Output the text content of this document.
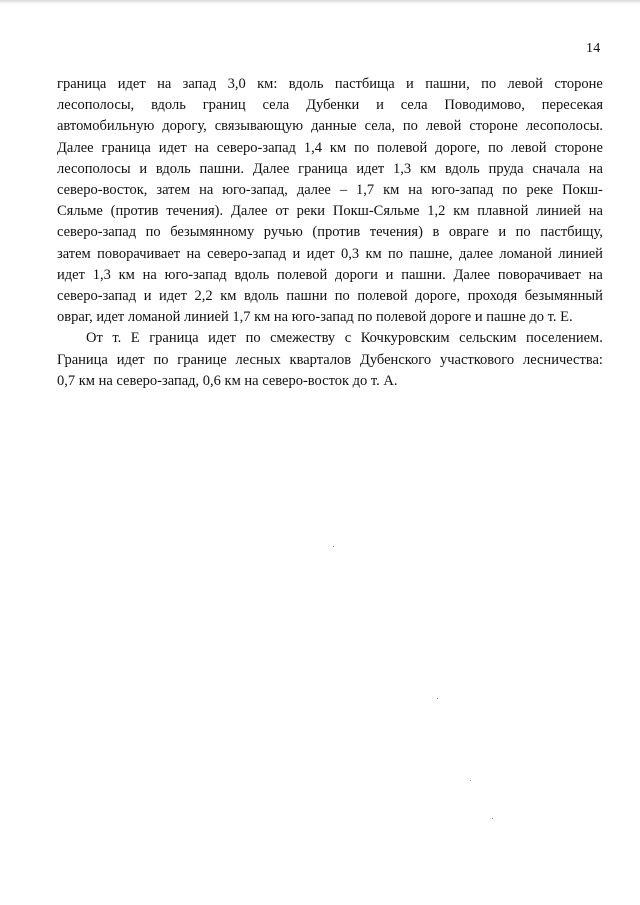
14
граница идет на запад 3,0 км: вдоль пастбища и пашни, по левой стороне
лесополосы, вдоль границ села Дубенки и села Поводимово, пересекая
автомобильную дорогу, связывающую данные села, по левой стороне лесополосы.
Далее граница идет на северо-запад 1,4 км по полевой дороге, по левой стороне
лесополосы и вдоль пашни. Далее граница идет 1,3 км вдоль пруда сначала на
северо-восток, затем на юго-запад, далее – 1,7 км на юго-запад по реке Покш-
Сяльме (против течения). Далее от реки Покш-Сяльме 1,2 км плавной линией на
северо-запад по безымянному ручью (против течения) в овраге и по пастбищу,
затем поворачивает на северо-запад и идет 0,3 км по пашне, далее ломаной линией
идет 1,3 км на юго-запад вдоль полевой дороги и пашни. Далее поворачивает на
северо-запад и идет 2,2 км вдоль пашни по полевой дороге, проходя безымянный
овраг, идет ломаной линией 1,7 км на юго-запад по полевой дороге и пашне до т. Е.
От т. Е граница идет по смежеству с Кочкуровским сельским поселением.
Граница идет по границе лесных кварталов Дубенского участкового лесничества:
0,7 км на северо-запад, 0,6 км на северо-восток до т. А.
